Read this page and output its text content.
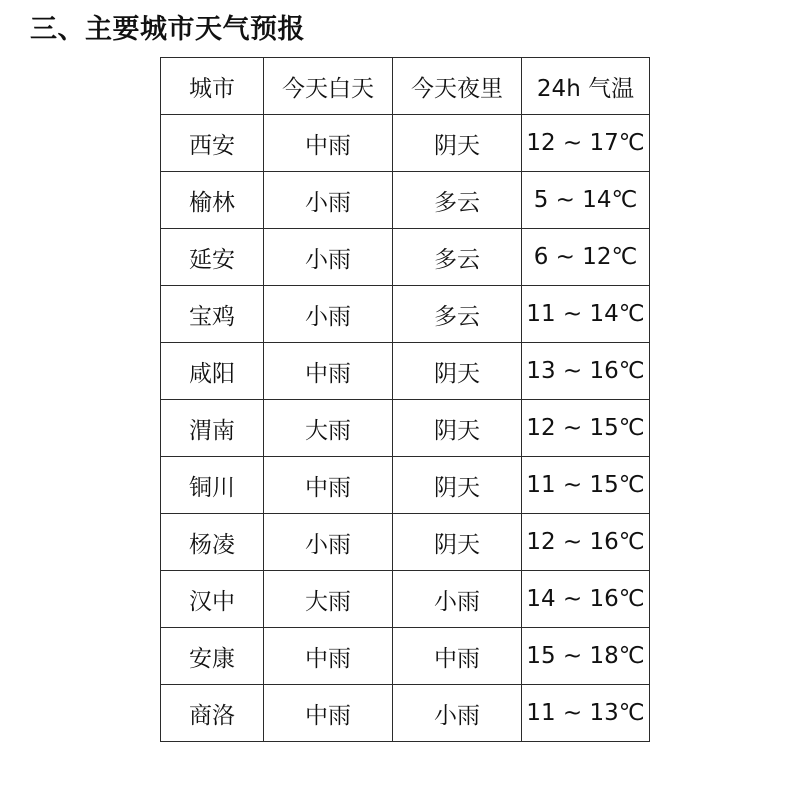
三、主要城市天气预报
城市	今天白天	今天夜里	24h 气温
西安	中雨	阴天	12 ~ 17℃
榆林	小雨	多云	5 ~ 14℃
延安	小雨	多云	6 ~ 12℃
宝鸡	小雨	多云	11 ~ 14℃
咸阳	中雨	阴天	13 ~ 16℃
渭南	大雨	阴天	12 ~ 15℃
铜川	中雨	阴天	11 ~ 15℃
杨凌	小雨	阴天	12 ~ 16℃
汉中	大雨	小雨	14 ~ 16℃
安康	中雨	中雨	15 ~ 18℃
商洛	中雨	小雨	11 ~ 13℃
